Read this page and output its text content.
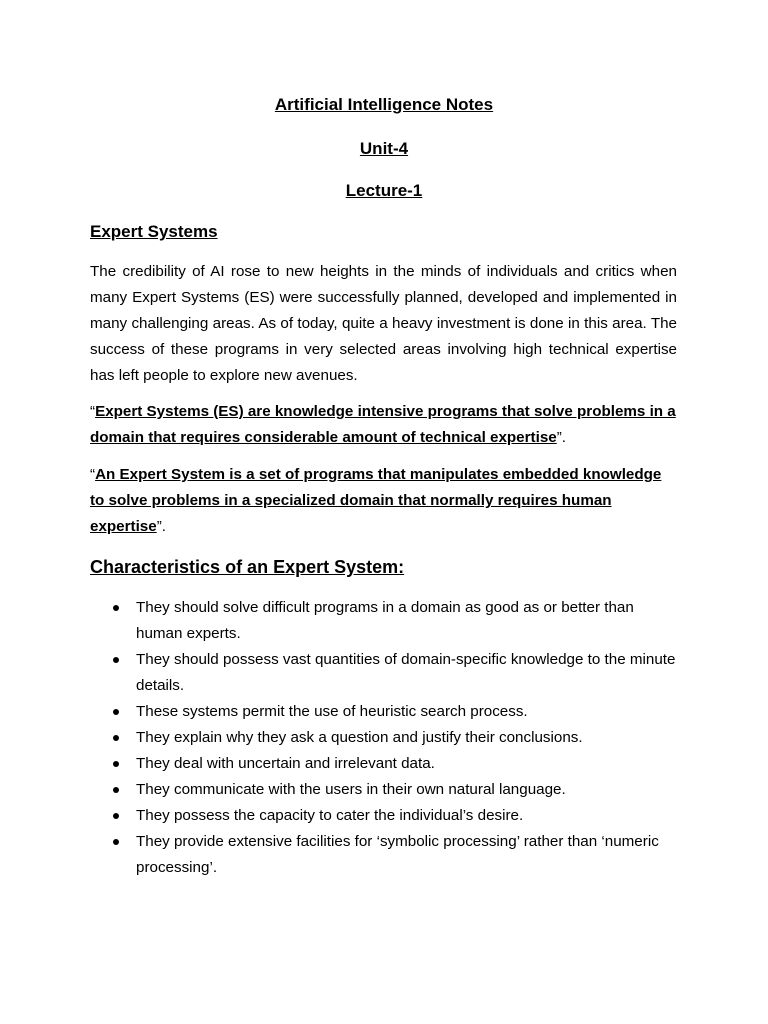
Artificial Intelligence Notes
Unit-4
Lecture-1
Expert Systems
The credibility of AI rose to new heights in the minds of individuals and critics when many Expert Systems (ES) were successfully planned, developed and implemented in many challenging areas. As of today, quite a heavy investment is done in this area. The success of these programs in very selected areas involving high technical expertise has left people to explore new avenues.
“Expert Systems (ES) are knowledge intensive programs that solve problems in a domain that requires considerable amount of technical expertise”.
“An Expert System is a set of programs that manipulates embedded knowledge to solve problems in a specialized domain that normally requires human expertise”.
Characteristics of an Expert System:
They should solve difficult programs in a domain as good as or better than human experts.
They should possess vast quantities of domain-specific knowledge to the minute details.
These systems permit the use of heuristic search process.
They explain why they ask a question and justify their conclusions.
They deal with uncertain and irrelevant data.
They communicate with the users in their own natural language.
They possess the capacity to cater the individual’s desire.
They provide extensive facilities for ‘symbolic processing’ rather than ‘numeric processing’.
